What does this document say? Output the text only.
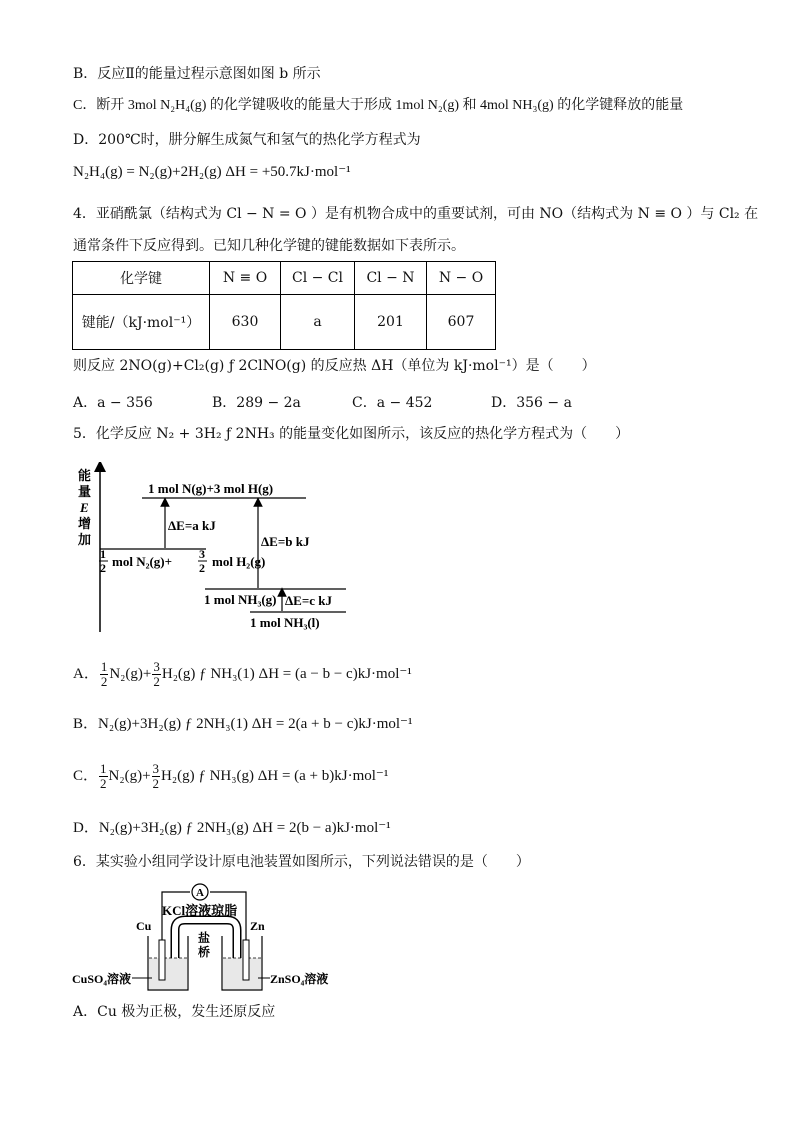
B．反应Ⅱ的能量过程示意图如图 b 所示
C．断开 3mol N₂H₄(g) 的化学键吸收的能量大于形成 1mol N₂(g) 和 4mol NH₃(g) 的化学键释放的能量
D．200℃时，肼分解生成氮气和氢气的热化学方程式为
N₂H₄(g) = N₂(g)+2H₂(g) ΔH = +50.7kJ·mol⁻¹
4．亚硝酰氯（结构式为 Cl − N = O ）是有机物合成中的重要试剂，可由 NO（结构式为 N ≡ O ）与 Cl₂ 在
通常条件下反应得到。已知几种化学键的键能数据如下表所示。
化学键	N ≡ O	Cl − Cl	Cl − N	N − O
键能/（kJ·mol⁻¹）	630	a	201	607
则反应 2NO(g)+Cl₂(g) ƒ 2ClNO(g) 的反应热 ΔH（单位为 kJ·mol⁻¹）是（　　）
A．a − 356	B．289 − 2a	C．a − 452	D．356 − a
5．化学反应 N₂ + 3H₂ ƒ 2NH₃ 的能量变化如图所示，该反应的热化学方程式为（　　）
能
量
E
增
加
1 mol N(g)+3 mol H(g)
ΔE=a kJ
1
2 mol N₂(g)+ 3
2 mol H₂(g)
ΔE=b kJ
1 mol NH₃(g) ΔE=c kJ
1 mol NH₃(l)
A． $\frac{1}{2} N_2(g)+ \frac{3}{2} H_2(g)$ ƒ NH₃(1) ΔH = (a − b − c)kJ·mol⁻¹
B．N₂(g)+3H₂(g) ƒ 2NH₃(1) ΔH = 2(a + b − c)kJ·mol⁻¹
C． $\frac{1}{2} N_2(g)+ \frac{3}{2} H_2(g)$ ƒ NH₃(g) ΔH = (a + b)kJ·mol⁻¹
D．N₂(g)+3H₂(g) ƒ 2NH₃(g) ΔH = 2(b − a)kJ·mol⁻¹
6．某实验小组同学设计原电池装置如图所示，下列说法错误的是（　　）
A
KCl溶液琼脂
Cu	Zn
盐
桥
CuSO₄溶液	ZnSO₄溶液
A．Cu 极为正极，发生还原反应
